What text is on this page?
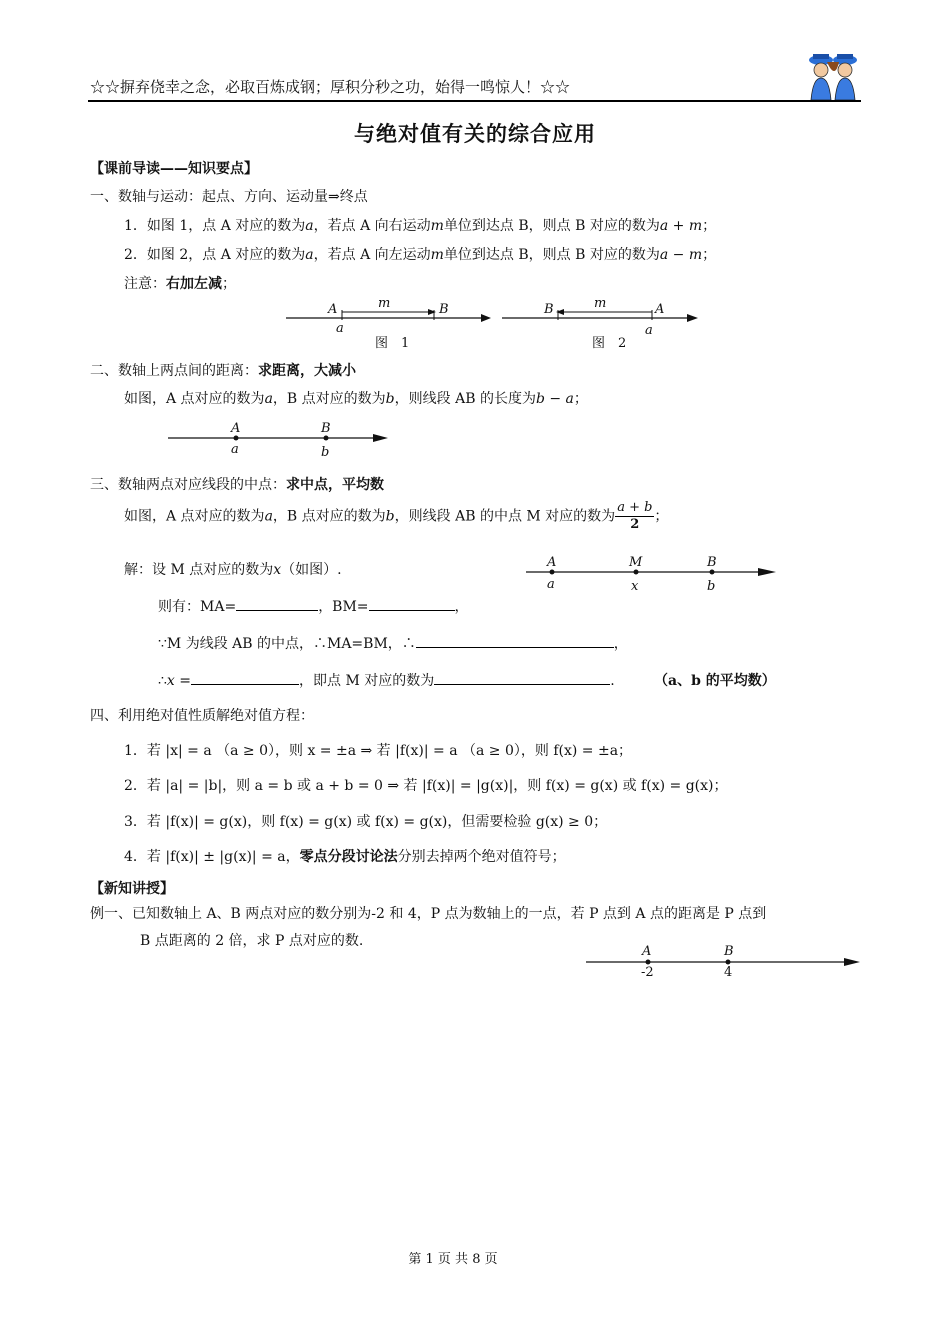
☆☆摒弃侥幸之念，必取百炼成钢；厚积分秒之功，始得一鸣惊人！☆☆
与绝对值有关的综合应用
【课前导读——知识要点】
一、数轴与运动：起点、方向、运动量⇒终点
1．如图 1，点 A 对应的数为a，若点 A 向右运动m单位到达点 B，则点 B 对应的数为a + m；
2．如图 2，点 A 对应的数为a，若点 A 向左运动m单位到达点 B，则点 B 对应的数为a − m；
注意：右加左减；
A	B
m
a
图　1
B	A
m
a
图　2
二、数轴上两点间的距离：求距离，大减小
如图，A 点对应的数为a，B 点对应的数为b，则线段 AB 的长度为b − a；
A	B
a	b
三、数轴两点对应线段的中点：求中点，平均数
如图，A 点对应的数为a，B 点对应的数为b，则线段 AB 的中点 M 对应的数为 $\frac{a + b}{2}$ ；
解：设 M 点对应的数为x（如图）.	A	M	B
a	x	b
则有：MA=	，BM=	，
∵M 为线段 AB 的中点，∴MA=BM，∴	，
∴x =	，即点 M 对应的数为	.	（a、b 的平均数）
四、利用绝对值性质解绝对值方程：
1．若 |x| = a （a ≥ 0），则 x = ±a ⇒ 若 |f(x)| = a （a ≥ 0），则 f(x) = ±a；
2．若 |a| = |b|，则 a = b 或 a + b = 0 ⇒ 若 |f(x)| = |g(x)|，则 f(x) = g(x) 或 f(x) = g(x)；
3．若 |f(x)| = g(x)，则 f(x) = g(x) 或 f(x) = g(x)，但需要检验 g(x) ≥ 0；
4．若 |f(x)| ± |g(x)| = a，零点分段讨论法分别去掉两个绝对值符号；
【新知讲授】
例一、已知数轴上 A、B 两点对应的数分别为-2 和 4，P 点为数轴上的一点，若 P 点到 A 点的距离是 P 点到
B 点距离的 2 倍，求 P 点对应的数.
A	B
-2	4
第 1 页 共 8 页
